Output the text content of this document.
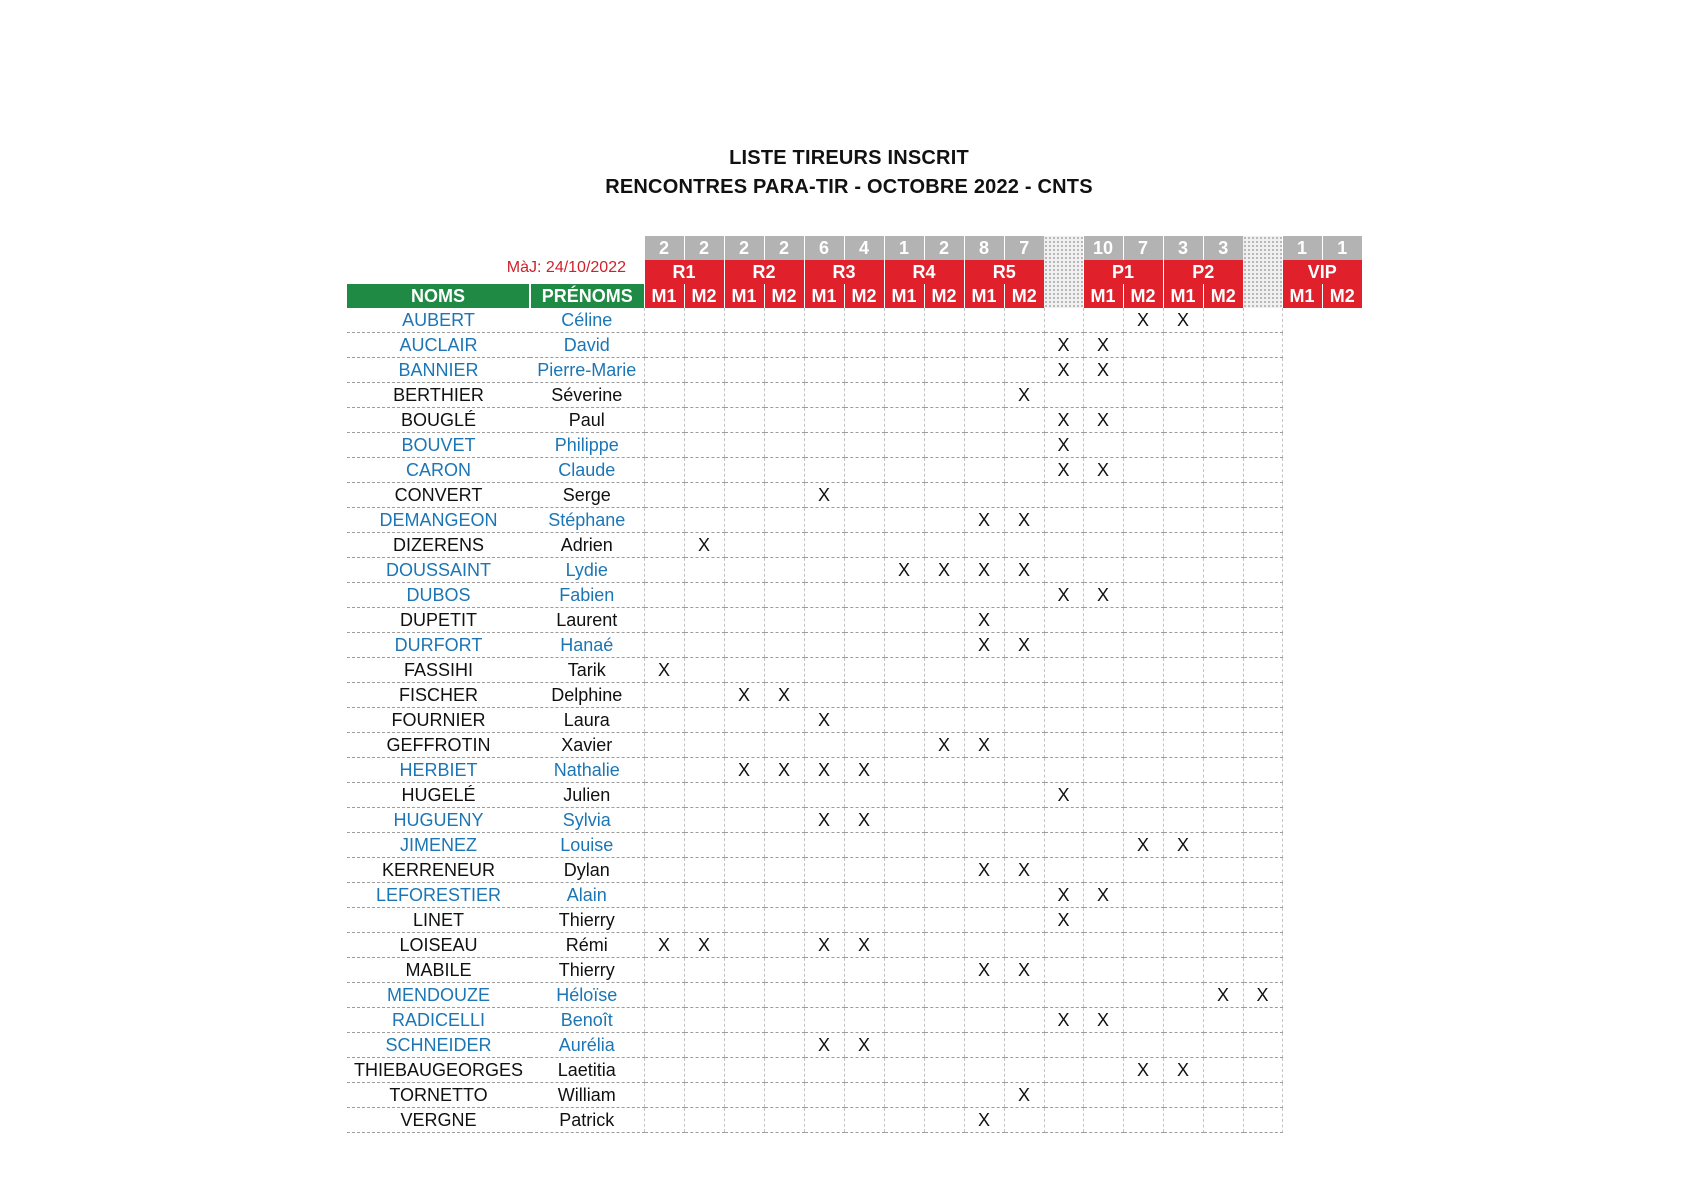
LISTE TIREURS INSCRIT
RENCONTRES PARA-TIR - OCTOBRE 2022 - CNTS
MàJ: 24/10/2022
		2	2	2	2	6	4	1	2	8	7		10	7	3	3		1	1
		R1		R2		R3		R4		R5			P1		P2			VIP	
NOMS	PRÉNOMS	M1	M2	M1	M2	M1	M2	M1	M2	M1	M2		M1	M2	M1	M2		M1	M2
AUBERT	Céline													X	X				
AUCLAIR	David											X	X						
BANNIER	Pierre-Marie											X	X						
BERTHIER	Séverine										X								
BOUGLÉ	Paul											X	X						
BOUVET	Philippe											X							
CARON	Claude											X	X						
CONVERT	Serge					X													
DEMANGEON	Stéphane									X	X								
DIZERENS	Adrien		X																
DOUSSAINT	Lydie							X	X	X	X								
DUBOS	Fabien											X	X						
DUPETIT	Laurent									X									
DURFORT	Hanaé									X	X								
FASSIHI	Tarik	X																	
FISCHER	Delphine			X	X														
FOURNIER	Laura					X													
GEFFROTIN	Xavier								X	X									
HERBIET	Nathalie			X	X	X	X												
HUGELÉ	Julien											X							
HUGUENY	Sylvia					X	X												
JIMENEZ	Louise													X	X				
KERRENEUR	Dylan									X	X								
LEFORESTIER	Alain											X	X						
LINET	Thierry											X							
LOISEAU	Rémi	X	X			X	X												
MABILE	Thierry									X	X								
MENDOUZE	Héloïse															X	X		
RADICELLI	Benoît											X	X						
SCHNEIDER	Aurélia					X	X												
THIEBAUGEORGES	Laetitia													X	X				
TORNETTO	William										X								
VERGNE	Patrick									X									
